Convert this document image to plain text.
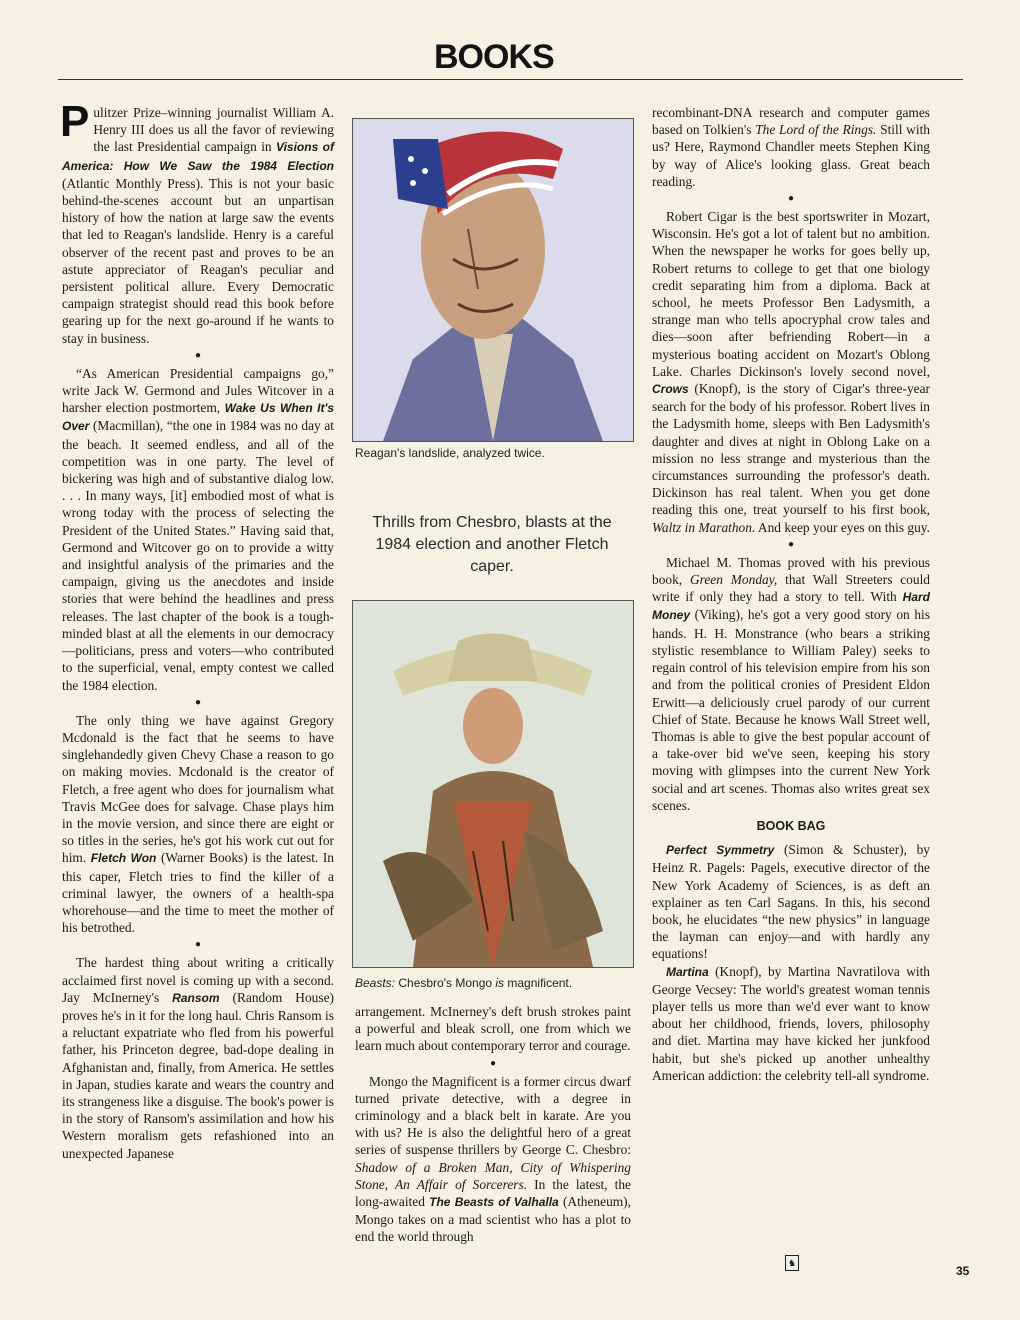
BOOKS

Pulitzer Prize–winning journalist William A. Henry III does us all the favor of reviewing the last Presidential campaign in Visions of America: How We Saw the 1984 Election (Atlantic Monthly Press). This is not your basic behind-the-scenes account but an unpartisan history of how the nation at large saw the events that led to Reagan's landslide. Henry is a careful observer of the recent past and proves to be an astute appreciator of Reagan's peculiar and persistent political allure. Every Democratic campaign strategist should read this book before gearing up for the next go-around if he wants to stay in business.

●

“As American Presidential campaigns go,” write Jack W. Germond and Jules Witcover in a harsher election postmortem, Wake Us When It's Over (Macmillan), “the one in 1984 was no day at the beach. It seemed endless, and all of the competition was in one party. The level of bickering was high and of substantive dialog low. . . . In many ways, [it] embodied most of what is wrong today with the process of selecting the President of the United States.” Having said that, Germond and Witcover go on to provide a witty and insightful analysis of the primaries and the campaign, giving us the anecdotes and inside stories that were behind the headlines and press releases. The last chapter of the book is a tough-minded blast at all the elements in our democracy—politicians, press and voters—who contributed to the superficial, venal, empty contest we called the 1984 election.

●

The only thing we have against Gregory Mcdonald is the fact that he seems to have singlehandedly given Chevy Chase a reason to go on making movies. Mcdonald is the creator of Fletch, a free agent who does for journalism what Travis McGee does for salvage. Chase plays him in the movie version, and since there are eight or so titles in the series, he's got his work cut out for him. Fletch Won (Warner Books) is the latest. In this caper, Fletch tries to find the killer of a criminal lawyer, the owners of a health-spa whorehouse—and the time to meet the mother of his betrothed.

●

The hardest thing about writing a critically acclaimed first novel is coming up with a second. Jay McInerney's Ransom (Random House) proves he's in it for the long haul. Chris Ransom is a reluctant expatriate who fled from his powerful father, his Princeton degree, bad-dope dealing in Afghanistan and, finally, from America. He settles in Japan, studies karate and wears the country and its strangeness like a disguise. The book's power is in the story of Ransom's assimilation and how his Western moralism gets refashioned into an unexpected Japanese

Reagan's landslide, analyzed twice.
Thrills from Chesbro, blasts at the 1984 election and another Fletch caper.
Beasts: Chesbro's Mongo is magnificent.

arrangement. McInerney's deft brush strokes paint a powerful and bleak scroll, one from which we learn much about contemporary terror and courage.

●

Mongo the Magnificent is a former circus dwarf turned private detective, with a degree in criminology and a black belt in karate. Are you with us? He is also the delightful hero of a great series of suspense thrillers by George C. Chesbro: Shadow of a Broken Man, City of Whispering Stone, An Affair of Sorcerers. In the latest, the long-awaited The Beasts of Valhalla (Atheneum), Mongo takes on a mad scientist who has a plot to end the world through

recombinant-DNA research and computer games based on Tolkien's The Lord of the Rings. Still with us? Here, Raymond Chandler meets Stephen King by way of Alice's looking glass. Great beach reading.

●

Robert Cigar is the best sportswriter in Mozart, Wisconsin. He's got a lot of talent but no ambition. When the newspaper he works for goes belly up, Robert returns to college to get that one biology credit separating him from a diploma. Back at school, he meets Professor Ben Ladysmith, a strange man who tells apocryphal crow tales and dies—soon after befriending Robert—in a mysterious boating accident on Mozart's Oblong Lake. Charles Dickinson's lovely second novel, Crows (Knopf), is the story of Cigar's three-year search for the body of his professor. Robert lives in the Ladysmith home, sleeps with Ben Ladysmith's daughter and dives at night in Oblong Lake on a mission no less strange and mysterious than the circumstances surrounding the professor's death. Dickinson has real talent. When you get done reading this one, treat yourself to his first book, Waltz in Marathon. And keep your eyes on this guy.

●

Michael M. Thomas proved with his previous book, Green Monday, that Wall Streeters could write if only they had a story to tell. With Hard Money (Viking), he's got a very good story on his hands. H. H. Monstrance (who bears a striking stylistic resemblance to William Paley) seeks to regain control of his television empire from his son and from the political cronies of President Eldon Erwitt—a deliciously cruel parody of our current Chief of State. Because he knows Wall Street well, Thomas is able to give the best popular account of a take-over bid we've seen, keeping his story moving with glimpses into the current New York social and art scenes. Thomas also writes great sex scenes.

BOOK BAG

Perfect Symmetry (Simon & Schuster), by Heinz R. Pagels: Pagels, executive director of the New York Academy of Sciences, is as deft an explainer as ten Carl Sagans. In this, his second book, he elucidates “the new physics” in language the layman can enjoy—and with hardly any equations!

Martina (Knopf), by Martina Navratilova with George Vecsey: The world's greatest woman tennis player tells us more than we'd ever want to know about her childhood, friends, lovers, philosophy and diet. Martina may have kicked her junkfood habit, but she's picked up another unhealthy American addiction: the celebrity tell-all syndrome.

♞
35
